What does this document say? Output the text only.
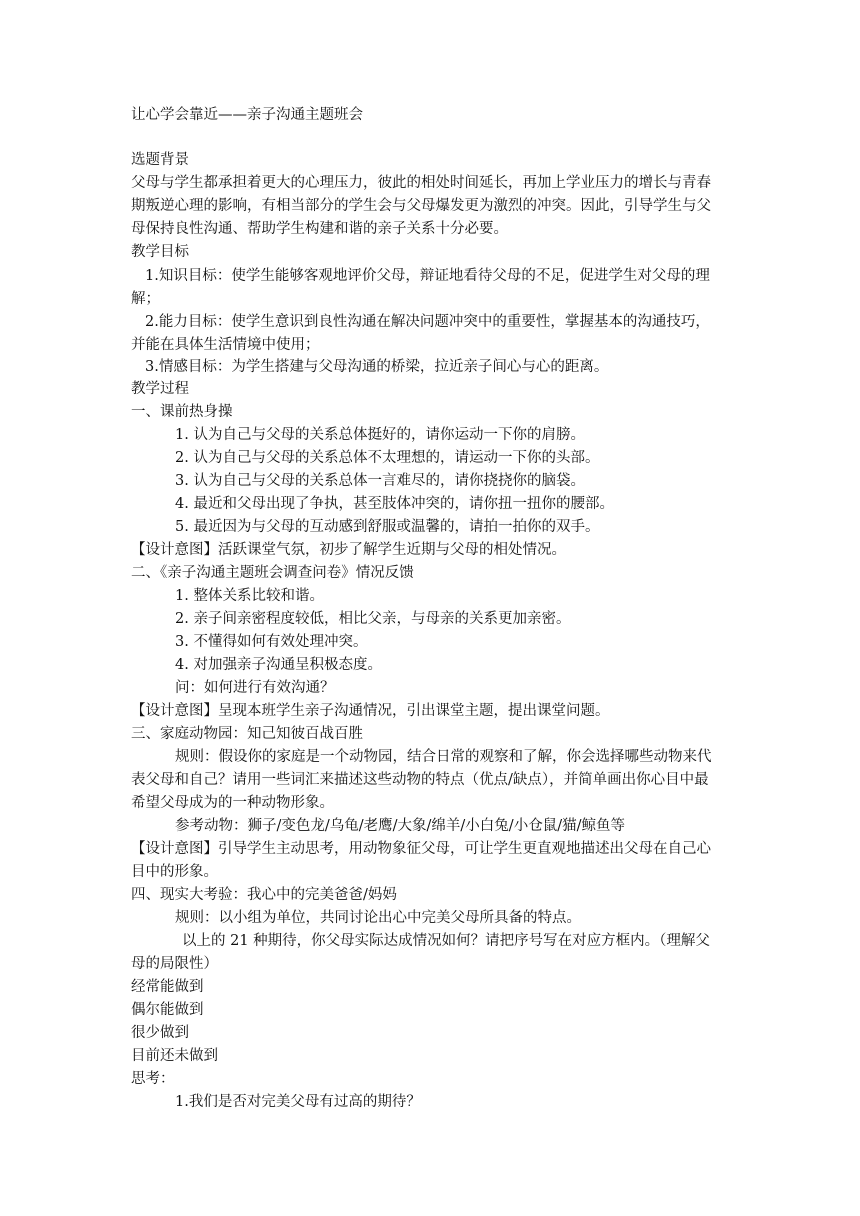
让心学会靠近——亲子沟通主题班会
选题背景
父母与学生都承担着更大的心理压力，彼此的相处时间延长，再加上学业压力的增长与青春
期叛逆心理的影响，有相当部分的学生会与父母爆发更为激烈的冲突。因此，引导学生与父
母保持良性沟通、帮助学生构建和谐的亲子关系十分必要。
教学目标
1.知识目标：使学生能够客观地评价父母，辩证地看待父母的不足，促进学生对父母的理
解；
2.能力目标：使学生意识到良性沟通在解决问题冲突中的重要性，掌握基本的沟通技巧，
并能在具体生活情境中使用；
3.情感目标：为学生搭建与父母沟通的桥梁，拉近亲子间心与心的距离。
教学过程
一、课前热身操
1. 认为自己与父母的关系总体挺好的，请你运动一下你的肩膀。
2. 认为自己与父母的关系总体不太理想的，请运动一下你的头部。
3. 认为自己与父母的关系总体一言难尽的，请你挠挠你的脑袋。
4. 最近和父母出现了争执，甚至肢体冲突的，请你扭一扭你的腰部。
5. 最近因为与父母的互动感到舒服或温馨的，请拍一拍你的双手。
【设计意图】活跃课堂气氛，初步了解学生近期与父母的相处情况。
二、《亲子沟通主题班会调查问卷》情况反馈
1. 整体关系比较和谐。
2. 亲子间亲密程度较低，相比父亲，与母亲的关系更加亲密。
3. 不懂得如何有效处理冲突。
4. 对加强亲子沟通呈积极态度。
问：如何进行有效沟通？
【设计意图】呈现本班学生亲子沟通情况，引出课堂主题，提出课堂问题。
三、家庭动物园：知己知彼百战百胜
规则：假设你的家庭是一个动物园，结合日常的观察和了解，你会选择哪些动物来代
表父母和自己？请用一些词汇来描述这些动物的特点（优点/缺点），并简单画出你心目中最
希望父母成为的一种动物形象。
参考动物：狮子/变色龙/乌龟/老鹰/大象/绵羊/小白兔/小仓鼠/猫/鲸鱼等
【设计意图】引导学生主动思考，用动物象征父母，可让学生更直观地描述出父母在自己心
目中的形象。
四、现实大考验：我心中的完美爸爸/妈妈
规则：以小组为单位，共同讨论出心中完美父母所具备的特点。
以上的 21 种期待，你父母实际达成情况如何？请把序号写在对应方框内。（理解父
母的局限性）
经常能做到
偶尔能做到
很少做到
目前还未做到
思考：
1.我们是否对完美父母有过高的期待？
